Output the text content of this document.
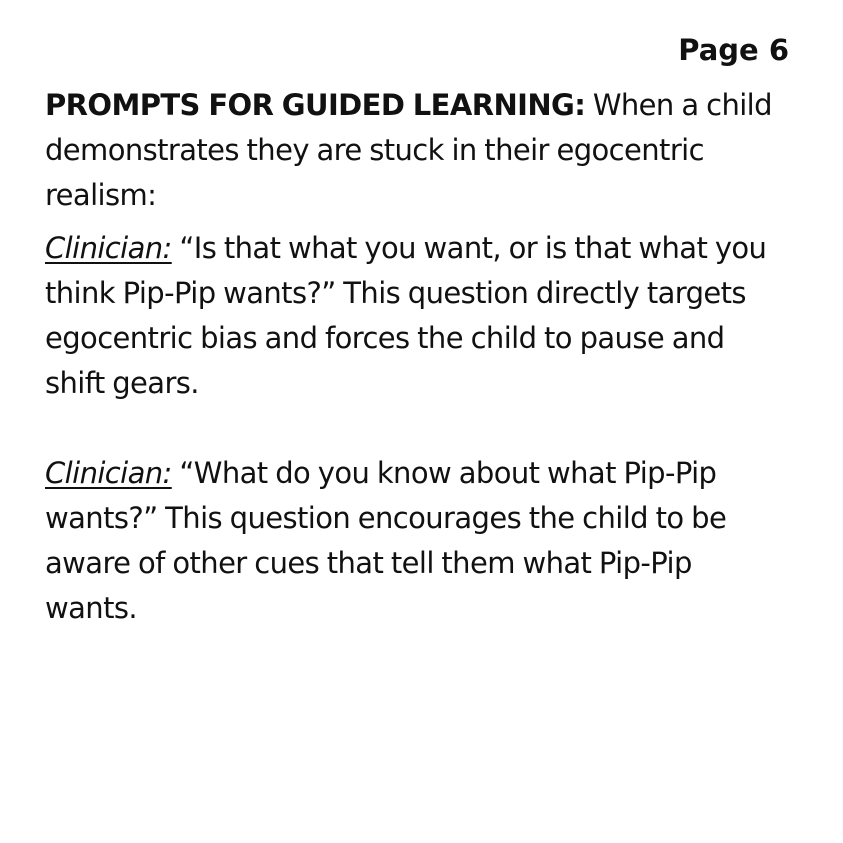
Page 6

PROMPTS FOR GUIDED LEARNING: When a child demonstrates they are stuck in their egocentric realism:

Clinician: “Is that what you want, or is that what you think Pip-Pip wants?” This question directly targets egocentric bias and forces the child to pause and shift gears.

Clinician: “What do you know about what Pip-Pip wants?” This question encourages the child to be aware of other cues that tell them what Pip-Pip wants.
